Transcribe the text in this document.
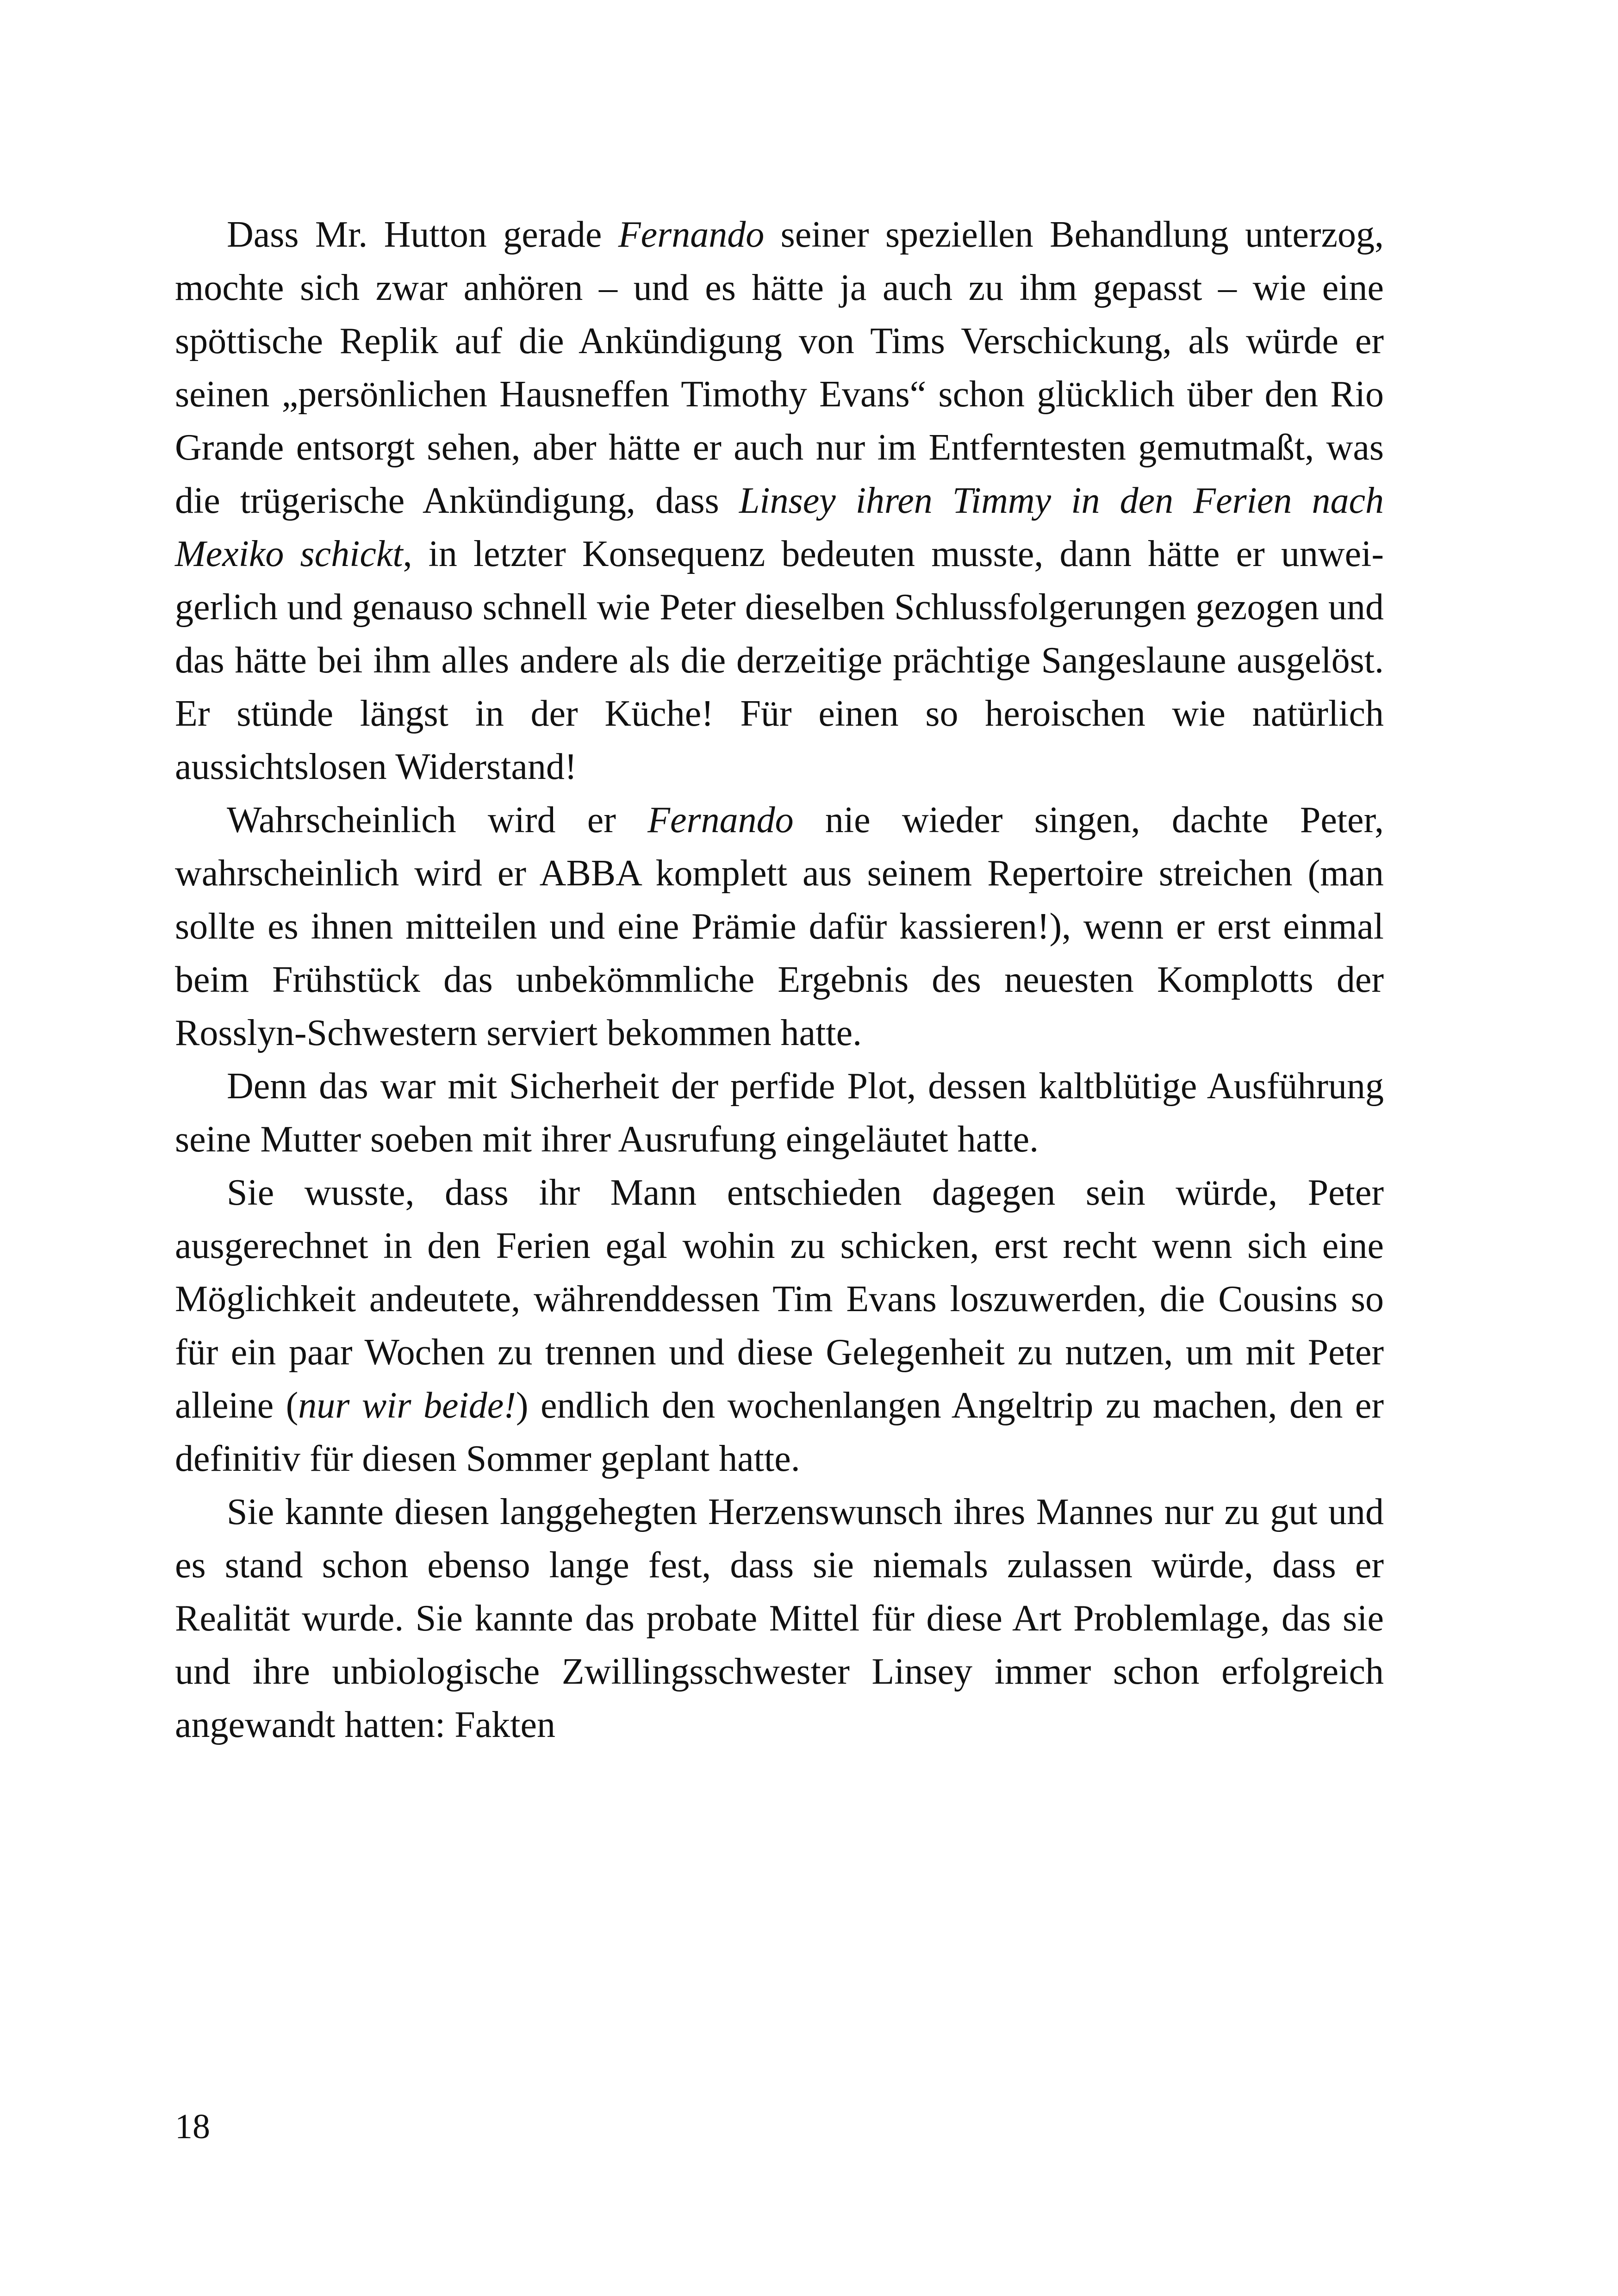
Dass Mr. Hutton gerade Fernando seiner speziellen Behandlung unterzog, mochte sich zwar anhören – und es hätte ja auch zu ihm gepasst – wie eine spöttische Replik auf die Ankündigung von Tims Verschickung, als würde er seinen „persönlichen Hausneffen Timothy Evans“ schon glücklich über den Rio Grande entsorgt sehen, aber hätte er auch nur im Entferntesten gemutmaßt, was die trügerische Ankündigung, dass Linsey ihren Timmy in den Ferien nach Mexiko schickt, in letzter Konsequenz bedeuten musste, dann hätte er unweigerlich und genauso schnell wie Peter dieselben Schlussfolgerungen gezogen und das hätte bei ihm alles andere als die derzeitige prächtige Sangeslaune ausgelöst. Er stünde längst in der Küche! Für einen so heroischen wie natürlich aussichtslosen Widerstand!

Wahrscheinlich wird er Fernando nie wieder singen, dachte Peter, wahrscheinlich wird er ABBA komplett aus seinem Repertoire streichen (man sollte es ihnen mitteilen und eine Prämie dafür kassieren!), wenn er erst einmal beim Frühstück das unbekömmliche Ergebnis des neuesten Komplotts der Rosslyn-Schwestern serviert bekommen hatte.

Denn das war mit Sicherheit der perfide Plot, dessen kaltblütige Ausführung seine Mutter soeben mit ihrer Ausrufung eingeläutet hatte.

Sie wusste, dass ihr Mann entschieden dagegen sein würde, Peter ausgerechnet in den Ferien egal wohin zu schicken, erst recht wenn sich eine Möglichkeit andeutete, währenddessen Tim Evans loszuwerden, die Cousins so für ein paar Wochen zu trennen und diese Gelegenheit zu nutzen, um mit Peter alleine (nur wir beide!) endlich den wochenlangen Angeltrip zu machen, den er definitiv für diesen Sommer geplant hatte.

Sie kannte diesen langgehegten Herzenswunsch ihres Mannes nur zu gut und es stand schon ebenso lange fest, dass sie niemals zulassen würde, dass er Realität wurde. Sie kannte das probate Mittel für diese Art Problemlage, das sie und ihre unbiologische Zwillingsschwester Linsey immer schon erfolgreich angewandt hatten: Fakten

18
